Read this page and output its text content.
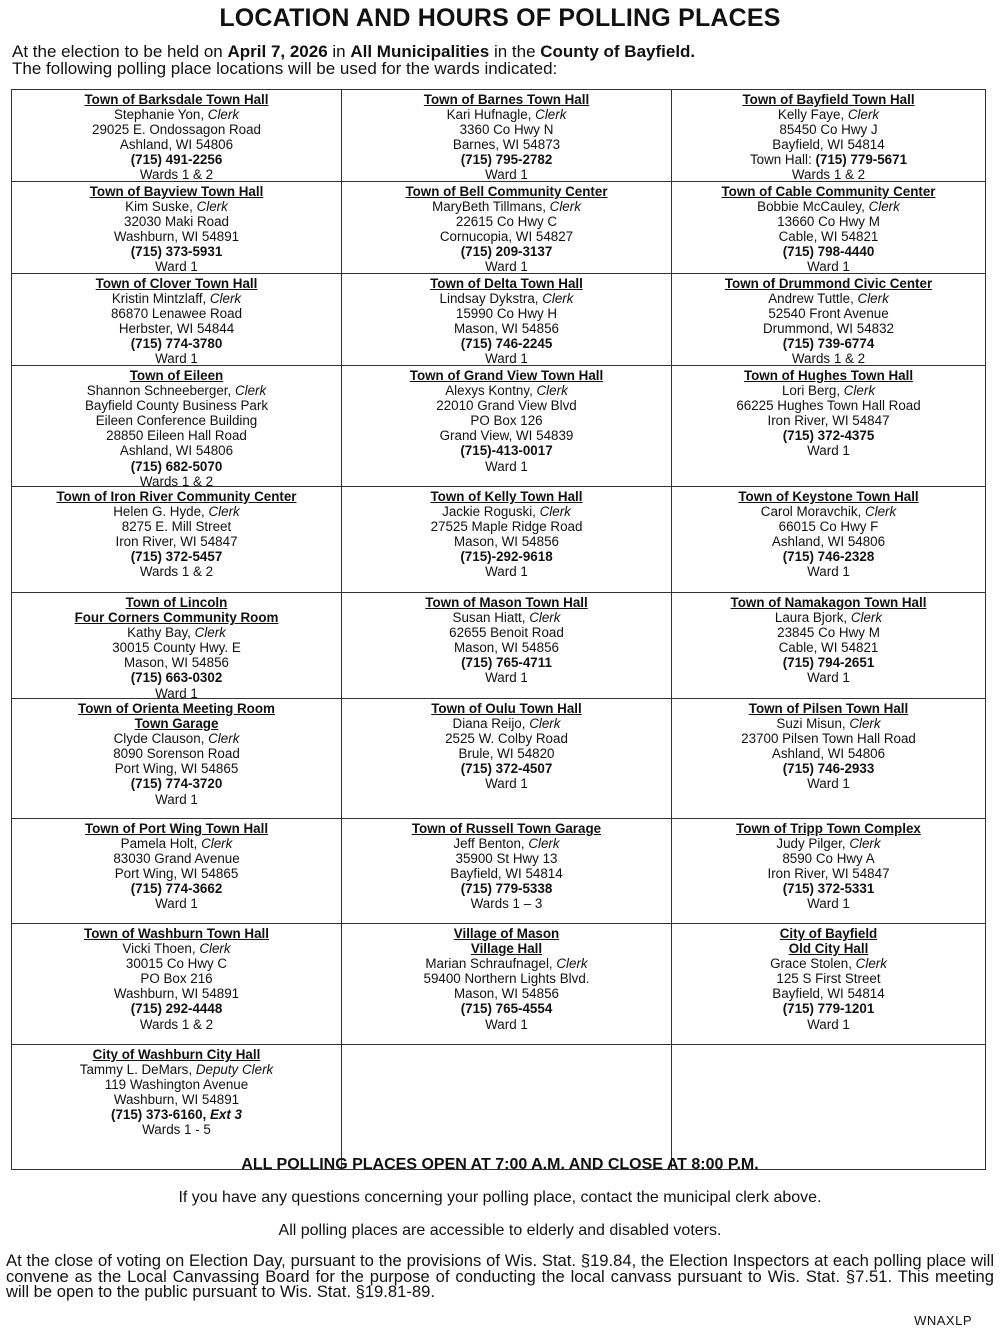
LOCATION AND HOURS OF POLLING PLACES
At the election to be held on April 7, 2026 in All Municipalities in the County of Bayfield.
The following polling place locations will be used for the wards indicated:
Town of Barksdale Town Hall
Stephanie Yon, Clerk
29025 E. Ondossagon Road
Ashland, WI 54806
(715) 491-2256
Wards 1 & 2
Town of Barnes Town Hall
Kari Hufnagle, Clerk
3360 Co Hwy N
Barnes, WI 54873
(715) 795-2782
Ward 1
Town of Bayfield Town Hall
Kelly Faye, Clerk
85450 Co Hwy J
Bayfield, WI 54814
Town Hall: (715) 779-5671
Wards 1 & 2
Town of Bayview Town Hall
Kim Suske, Clerk
32030 Maki Road
Washburn, WI 54891
(715) 373-5931
Ward 1
Town of Bell Community Center
MaryBeth Tillmans, Clerk
22615 Co Hwy C
Cornucopia, WI 54827
(715) 209-3137
Ward 1
Town of Cable Community Center
Bobbie McCauley, Clerk
13660 Co Hwy M
Cable, WI 54821
(715) 798-4440
Ward 1
Town of Clover Town Hall
Kristin Mintzlaff, Clerk
86870 Lenawee Road
Herbster, WI 54844
(715) 774-3780
Ward 1
Town of Delta Town Hall
Lindsay Dykstra, Clerk
15990 Co Hwy H
Mason, WI 54856
(715) 746-2245
Ward 1
Town of Drummond Civic Center
Andrew Tuttle, Clerk
52540 Front Avenue
Drummond, WI 54832
(715) 739-6774
Wards 1 & 2
Town of Eileen
Shannon Schneeberger, Clerk
Bayfield County Business Park
Eileen Conference Building
28850 Eileen Hall Road
Ashland, WI 54806
(715) 682-5070
Wards 1 & 2
Town of Grand View Town Hall
Alexys Kontny, Clerk
22010 Grand View Blvd
PO Box 126
Grand View, WI 54839
(715)-413-0017
Ward 1
Town of Hughes Town Hall
Lori Berg, Clerk
66225 Hughes Town Hall Road
Iron River, WI 54847
(715) 372-4375
Ward 1
Town of Iron River Community Center
Helen G. Hyde, Clerk
8275 E. Mill Street
Iron River, WI 54847
(715) 372-5457
Wards 1 & 2
Town of Kelly Town Hall
Jackie Roguski, Clerk
27525 Maple Ridge Road
Mason, WI 54856
(715)-292-9618
Ward 1
Town of Keystone Town Hall
Carol Moravchik, Clerk
66015 Co Hwy F
Ashland, WI 54806
(715) 746-2328
Ward 1
Town of Lincoln
Four Corners Community Room
Kathy Bay, Clerk
30015 County Hwy. E
Mason, WI 54856
(715) 663-0302
Ward 1
Town of Mason Town Hall
Susan Hiatt, Clerk
62655 Benoit Road
Mason, WI 54856
(715) 765-4711
Ward 1
Town of Namakagon Town Hall
Laura Bjork, Clerk
23845 Co Hwy M
Cable, WI 54821
(715) 794-2651
Ward 1
Town of Orienta Meeting Room
Town Garage
Clyde Clauson, Clerk
8090 Sorenson Road
Port Wing, WI 54865
(715) 774-3720
Ward 1
Town of Oulu Town Hall
Diana Reijo, Clerk
2525 W. Colby Road
Brule, WI 54820
(715) 372-4507
Ward 1
Town of Pilsen Town Hall
Suzi Misun, Clerk
23700 Pilsen Town Hall Road
Ashland, WI 54806
(715) 746-2933
Ward 1
Town of Port Wing Town Hall
Pamela Holt, Clerk
83030 Grand Avenue
Port Wing, WI 54865
(715) 774-3662
Ward 1
Town of Russell Town Garage
Jeff Benton, Clerk
35900 St Hwy 13
Bayfield, WI 54814
(715) 779-5338
Wards 1 – 3
Town of Tripp Town Complex
Judy Pilger, Clerk
8590 Co Hwy A
Iron River, WI 54847
(715) 372-5331
Ward 1
Town of Washburn Town Hall
Vicki Thoen, Clerk
30015 Co Hwy C
PO Box 216
Washburn, WI 54891
(715) 292-4448
Wards 1 & 2
Village of Mason
Village Hall
Marian Schraufnagel, Clerk
59400 Northern Lights Blvd.
Mason, WI 54856
(715) 765-4554
Ward 1
City of Bayfield
Old City Hall
Grace Stolen, Clerk
125 S First Street
Bayfield, WI 54814
(715) 779-1201
Ward 1
City of Washburn City Hall
Tammy L. DeMars, Deputy Clerk
119 Washington Avenue
Washburn, WI 54891
(715) 373-6160, Ext 3
Wards 1 - 5
ALL POLLING PLACES OPEN AT 7:00 A.M. AND CLOSE AT 8:00 P.M.
If you have any questions concerning your polling place, contact the municipal clerk above.
All polling places are accessible to elderly and disabled voters.
At the close of voting on Election Day, pursuant to the provisions of Wis. Stat. §19.84, the Election Inspectors at each polling place will convene as the Local Canvassing Board for the purpose of conducting the local canvass pursuant to Wis. Stat. §7.51. This meeting will be open to the public pursuant to Wis. Stat. §19.81-89.
WNAXLP
